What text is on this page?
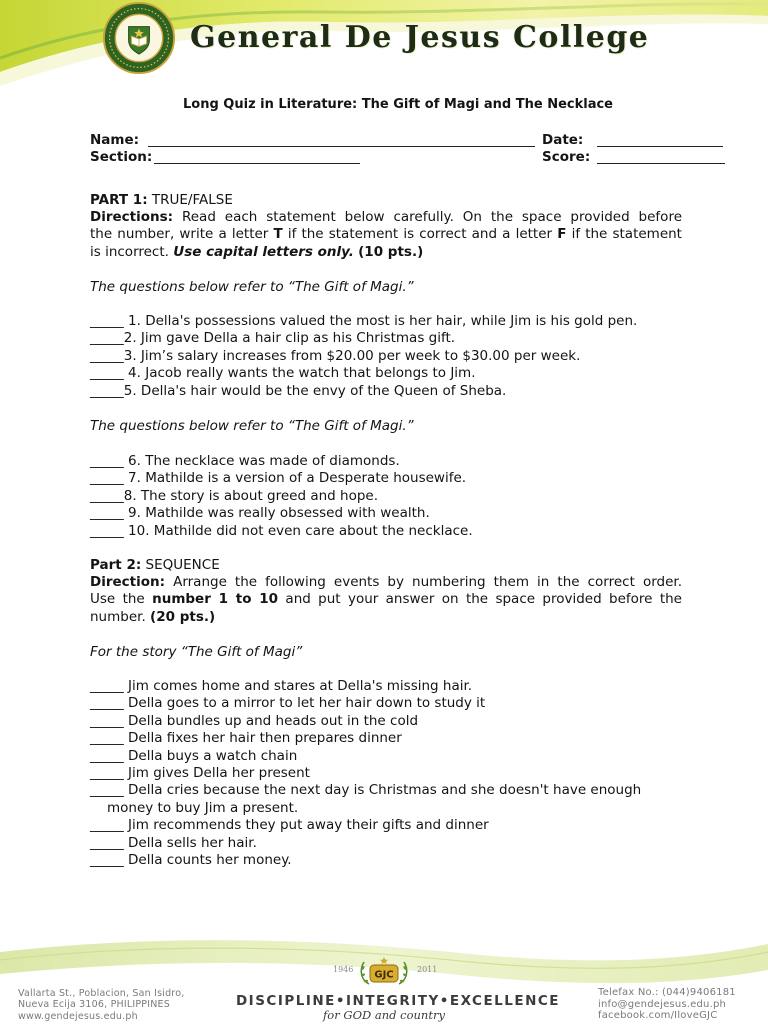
General De Jesus College
Long Quiz in Literature: The Gift of Magi and The Necklace
Name:	Date:
Section:	Score:
PART 1: TRUE/FALSE
Directions: Read each statement below carefully. On the space provided before
the number, write a letter T if the statement is correct and a letter F if the statement
is incorrect. Use capital letters only. (10 pts.)
The questions below refer to “The Gift of Magi.”
_____ 1. Della's possessions valued the most is her hair, while Jim is his gold pen.
_____2. Jim gave Della a hair clip as his Christmas gift.
_____3. Jim’s salary increases from $20.00 per week to $30.00 per week.
_____ 4. Jacob really wants the watch that belongs to Jim.
_____5. Della's hair would be the envy of the Queen of Sheba.
The questions below refer to “The Gift of Magi.”
_____ 6. The necklace was made of diamonds.
_____ 7. Mathilde is a version of a Desperate housewife.
_____8. The story is about greed and hope.
_____ 9. Mathilde was really obsessed with wealth.
_____ 10. Mathilde did not even care about the necklace.
Part 2: SEQUENCE
Direction: Arrange the following events by numbering them in the correct order.
Use the number 1 to 10 and put your answer on the space provided before the
number. (20 pts.)
For the story “The Gift of Magi”
_____ Jim comes home and stares at Della's missing hair.
_____ Della goes to a mirror to let her hair down to study it
_____ Della bundles up and heads out in the cold
_____ Della fixes her hair then prepares dinner
_____ Della buys a watch chain
_____ Jim gives Della her present
_____ Della cries because the next day is Christmas and she doesn't have enough
money to buy Jim a present.
_____ Jim recommends they put away their gifts and dinner
_____ Della sells her hair.
_____ Della counts her money.
1946	2011
GJC
Vallarta St., Poblacion, San Isidro,
Nueva Ecija 3106, PHILIPPINES
www.gendejesus.edu.ph
DISCIPLINE•INTEGRITY•EXCELLENCE
for GOD and country
Telefax No.: (044)9406181
info@gendejesus.edu.ph
facebook.com/IloveGJC
